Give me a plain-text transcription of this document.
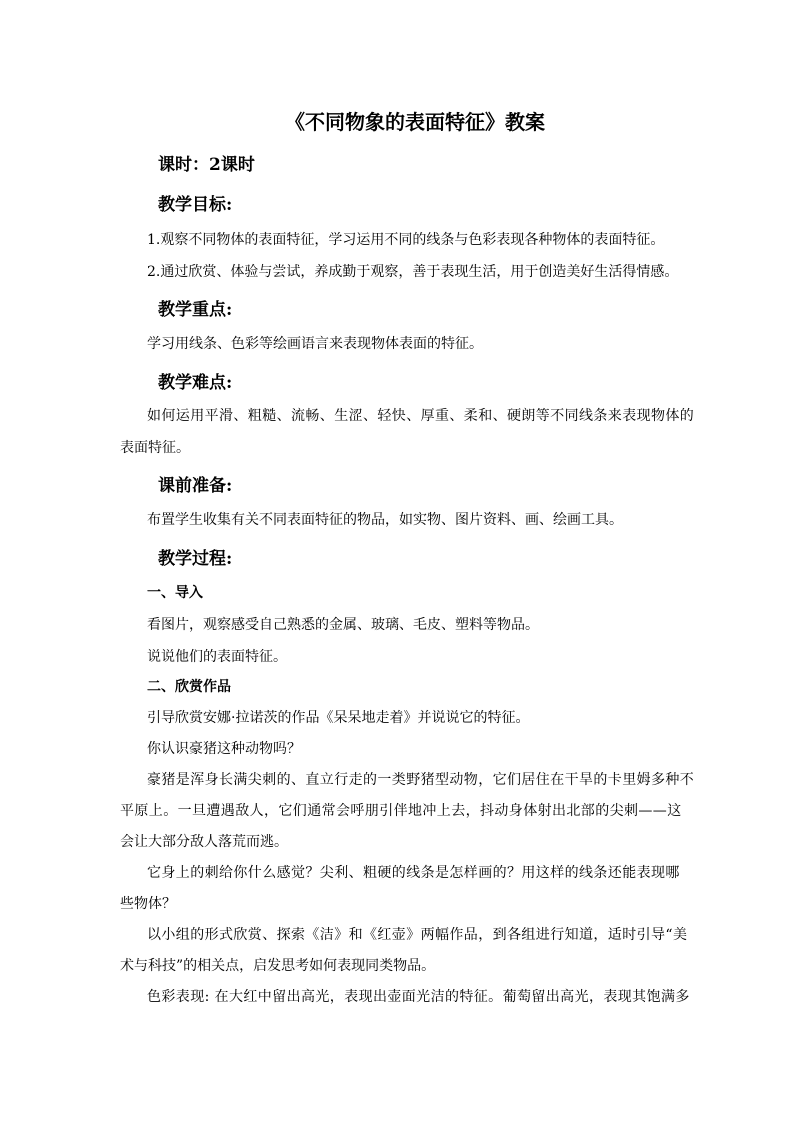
《不同物象的表面特征》教案
课时：2课时
教学目标:
1.观察不同物体的表面特征，学习运用不同的线条与色彩表现各种物体的表面特征。
2.通过欣赏、体验与尝试，养成勤于观察，善于表现生活，用于创造美好生活得情感。
教学重点:
学习用线条、色彩等绘画语言来表现物体表面的特征。
教学难点:
如何运用平滑、粗糙、流畅、生涩、轻快、厚重、柔和、硬朗等不同线条来表现物体的
表面特征。
课前准备:
布置学生收集有关不同表面特征的物品，如实物、图片资料、画、绘画工具。
教学过程:
一、导入
看图片，观察感受自己熟悉的金属、玻璃、毛皮、塑料等物品。
说说他们的表面特征。
二、欣赏作品
引导欣赏安娜·拉诺茨的作品《呆呆地走着》并说说它的特征。
你认识豪猪这种动物吗？
豪猪是浑身长满尖刺的、直立行走的一类野猪型动物，它们居住在干旱的卡里姆多种不
平原上。一旦遭遇敌人，它们通常会呼朋引伴地冲上去，抖动身体射出北部的尖刺——这
会让大部分敌人落荒而逃。
它身上的刺给你什么感觉？尖利、粗硬的线条是怎样画的？用这样的线条还能表现哪
些物体？
以小组的形式欣赏、探索《洁》和《红壶》两幅作品，到各组进行知道，适时引导“美
术与科技”的相关点，启发思考如何表现同类物品。
色彩表现: 在大红中留出高光，表现出壶面光洁的特征。葡萄留出高光，表现其饱满多
